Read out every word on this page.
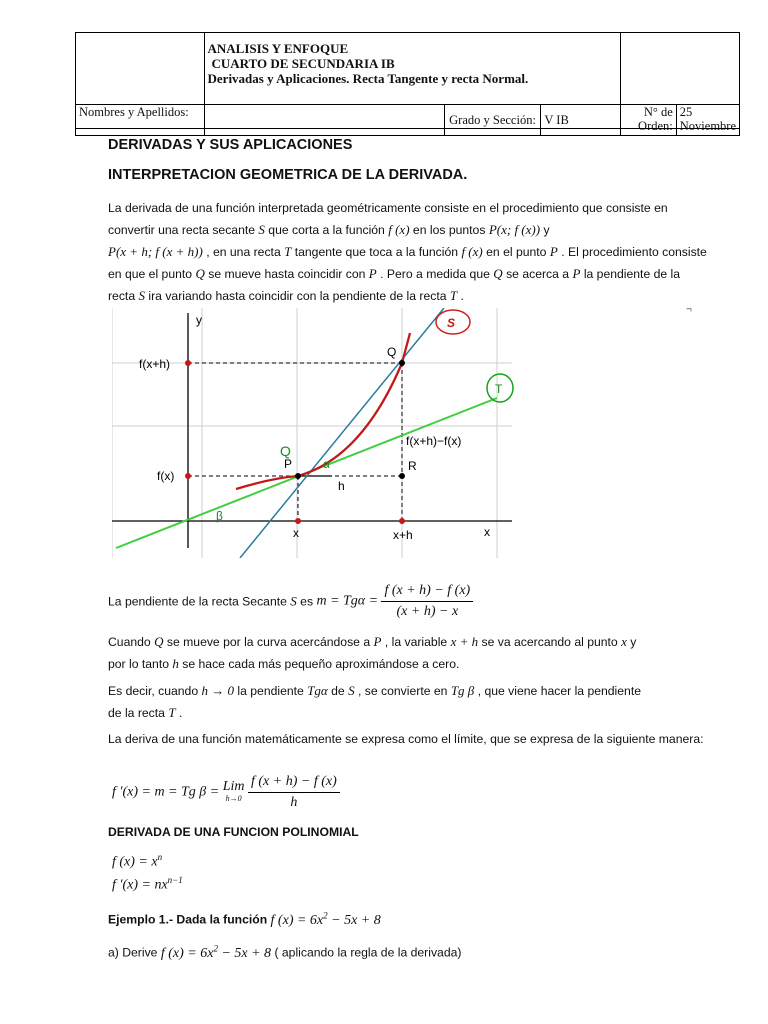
	ANALISIS Y ENFOQUE
CUARTO DE SECUNDARIA IB
Derivadas y Aplicaciones. Recta Tangente y recta Normal.				

Nombres y Apellidos:		Grado y Sección:	V IB	N° de Orden:	25 Noviembre
DERIVADAS Y SUS APLICACIONES
INTERPRETACION GEOMETRICA DE LA DERIVADA.
La derivada de una función interpretada geométricamente consiste en el procedimiento que consiste en convertir una recta secante S que corta a la función f (x) en los puntos P(x; f (x)) y
P(x + h; f (x + h)) , en una recta T tangente que toca a la función f (x) en el punto P . El procedimiento consiste en que el punto Q se mueve hasta coincidir con P . Pero a medida que Q se acerca a P la pendiente de la recta S ira variando hasta coincidir con la pendiente de la recta T .
y
x
f(x+h)
f(x)
Q
P	R
h
α
β
f(x+h)−f(x)
x	x+h
S
T
Q
¬
La pendiente de la recta Secante S es $m = Tg\alpha = \frac{f (x + h) - f (x)}{(x + h) - x}$
Cuando Q se mueve por la curva acercándose a P , la variable x + h se va acercando al punto x y
por lo tanto h se hace cada más pequeño aproximándose a cero.
Es decir, cuando h → 0 la pendiente Tgα de S , se convierte en Tg β , que viene hacer la pendiente
de la recta T .
La deriva de una función matemáticamente se expresa como el límite, que se expresa de la siguiente manera:
f ′(x) = m = Tg β = Lim
h→0
$\frac{f (x + h) - f (x)}{h}$
DERIVADA DE UNA FUNCION POLINOMIAL
f $(x) = x^n$
f $'(x) = nx^{n-1}$
Ejemplo 1.- Dada la función f $(x) = 6x^2 - 5x + 8$
a) Derive f $(x) = 6x^2 - 5x + 8$ ( aplicando la regla de la derivada)
